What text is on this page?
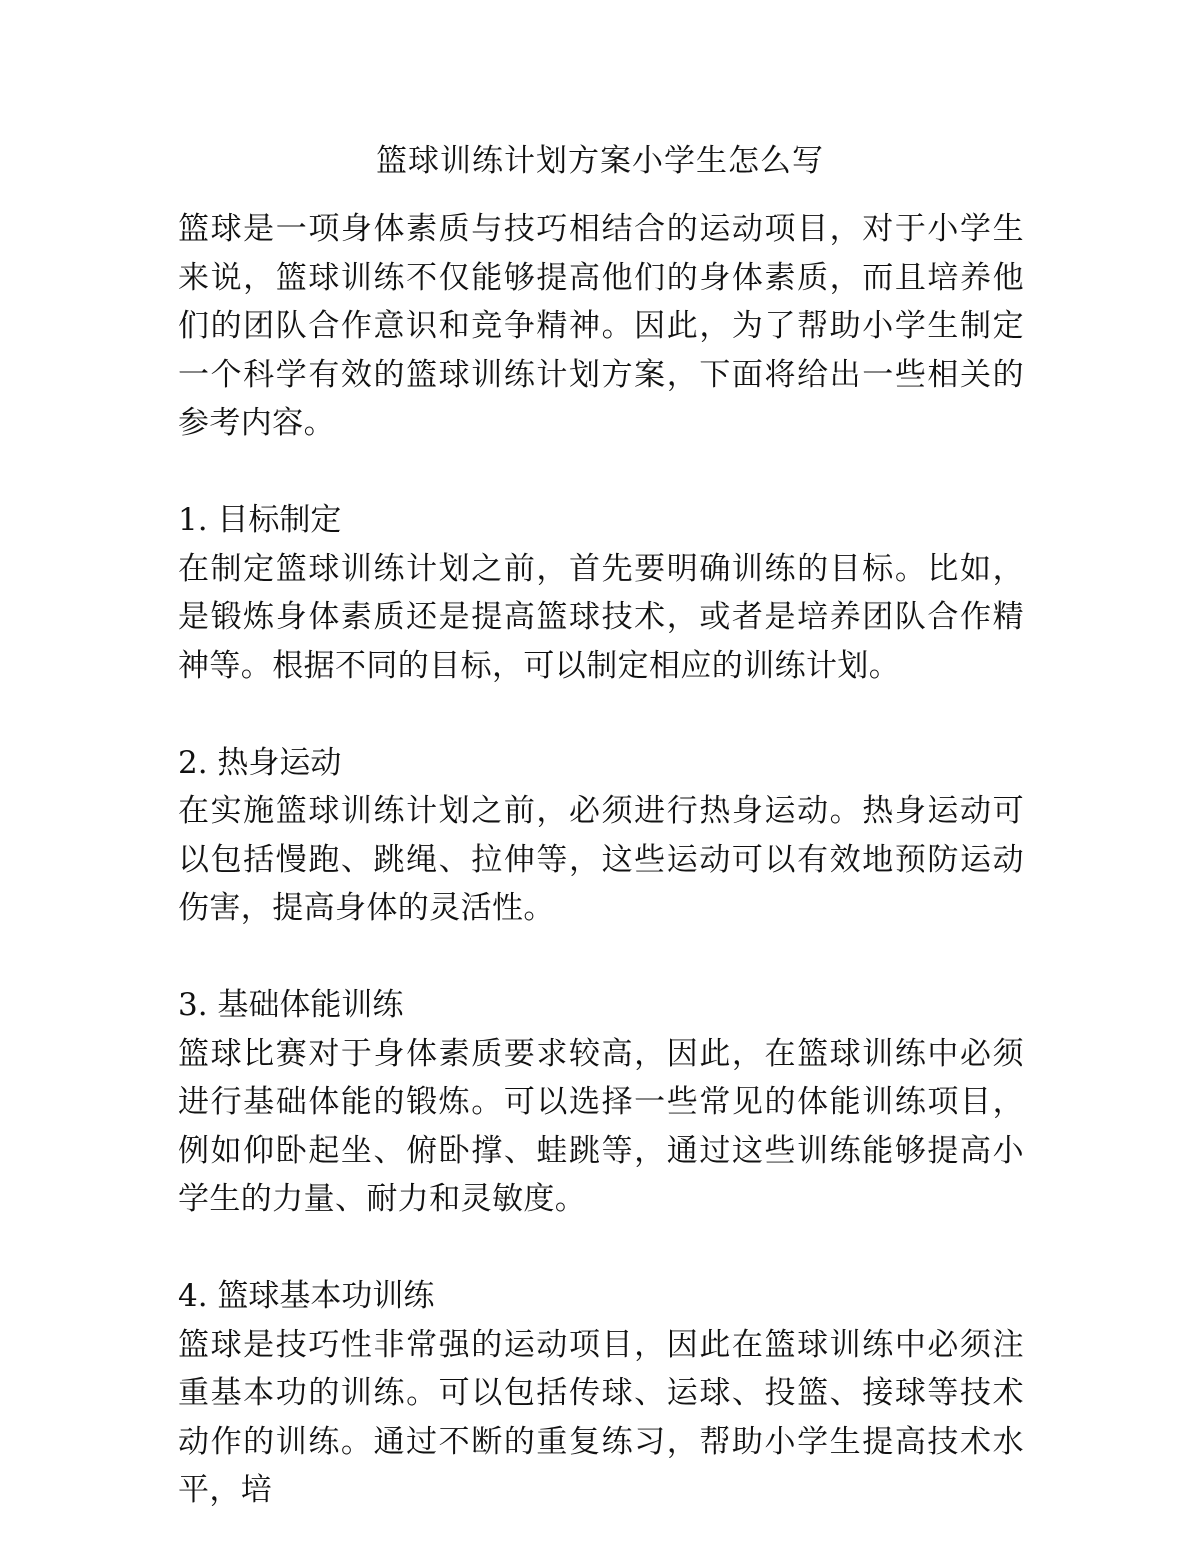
篮球训练计划方案小学生怎么写

篮球是一项身体素质与技巧相结合的运动项目，对于小学生来说，篮球训练不仅能够提高他们的身体素质，而且培养他们的团队合作意识和竞争精神。因此，为了帮助小学生制定一个科学有效的篮球训练计划方案，下面将给出一些相关的参考内容。

1. 目标制定

在制定篮球训练计划之前，首先要明确训练的目标。比如，是锻炼身体素质还是提高篮球技术，或者是培养团队合作精神等。根据不同的目标，可以制定相应的训练计划。

2. 热身运动

在实施篮球训练计划之前，必须进行热身运动。热身运动可以包括慢跑、跳绳、拉伸等，这些运动可以有效地预防运动伤害，提高身体的灵活性。

3. 基础体能训练

篮球比赛对于身体素质要求较高，因此，在篮球训练中必须进行基础体能的锻炼。可以选择一些常见的体能训练项目，例如仰卧起坐、俯卧撑、蛙跳等，通过这些训练能够提高小学生的力量、耐力和灵敏度。

4. 篮球基本功训练

篮球是技巧性非常强的运动项目，因此在篮球训练中必须注重基本功的训练。可以包括传球、运球、投篮、接球等技术动作的训练。通过不断的重复练习，帮助小学生提高技术水平，培
